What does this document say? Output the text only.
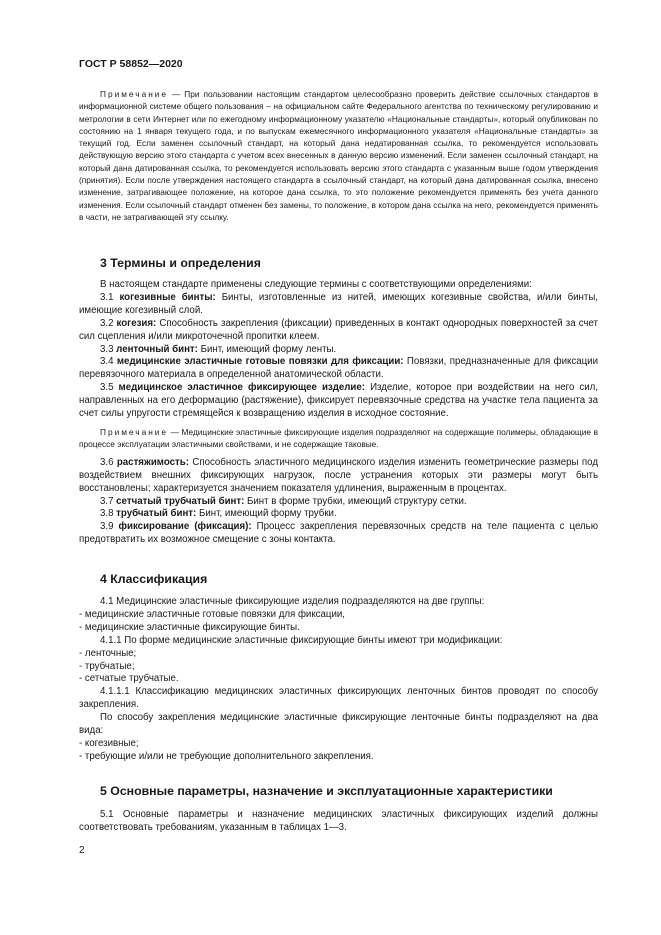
ГОСТ Р 58852—2020
Примечание — При пользовании настоящим стандартом целесообразно проверить действие ссылочных стандартов в информационной системе общего пользования – на официальном сайте Федерального агентства по техническому регулированию и метрологии в сети Интернет или по ежегодному информационному указателю «Национальные стандарты», который опубликован по состоянию на 1 января текущего года, и по выпускам ежемесячного информационного указателя «Национальные стандарты» за текущий год. Если заменен ссылочный стандарт, на который дана недатированная ссылка, то рекомендуется использовать действующую версию этого стандарта с учетом всех внесенных в данную версию изменений. Если заменен ссылочный стандарт, на который дана датированная ссылка, то рекомендуется использовать версию этого стандарта с указанным выше годом утверждения (принятия). Если после утверждения настоящего стандарта в ссылочный стандарт, на который дана датированная ссылка, внесено изменение, затрагивающее положение, на которое дана ссылка, то это положение рекомендуется применять без учета данного изменения. Если ссылочный стандарт отменен без замены, то положение, в котором дана ссылка на него, рекомендуется применять в части, не затрагивающей эту ссылку.
3 Термины и определения

В настоящем стандарте применены следующие термины с соответствующими определениями:

3.1 когезивные бинты: Бинты, изготовленные из нитей, имеющих когезивные свойства, и/или бинты, имеющие когезивный слой.

3.2 когезия: Способность закрепления (фиксации) приведенных в контакт однородных поверхностей за счет сил сцепления и/или микроточечной пропитки клеем.

3.3 ленточный бинт: Бинт, имеющий форму ленты.

3.4 медицинские эластичные готовые повязки для фиксации: Повязки, предназначенные для фиксации перевязочного материала в определенной анатомической области.

3.5 медицинское эластичное фиксирующее изделие: Изделие, которое при воздействии на него сил, направленных на его деформацию (растяжение), фиксирует перевязочные средства на участке тела пациента за счет силы упругости стремящейся к возвращению изделия в исходное состояние.

Примечание — Медицинские эластичные фиксирующие изделия подразделяют на содержащие полимеры, обладающие в процессе эксплуатации эластичными свойствами, и не содержащие таковые.

3.6 растяжимость: Способность эластичного медицинского изделия изменить геометрические размеры под воздействием внешних фиксирующих нагрузок, после устранения которых эти размеры могут быть восстановлены; характеризуется значением показателя удлинения, выраженным в процентах.

3.7 сетчатый трубчатый бинт: Бинт в форме трубки, имеющий структуру сетки.

3.8 трубчатый бинт: Бинт, имеющий форму трубки.

3.9 фиксирование (фиксация): Процесс закрепления перевязочных средств на теле пациента с целью предотвратить их возможное смещение с зоны контакта.

4 Классификация

4.1 Медицинские эластичные фиксирующие изделия подразделяются на две группы:

- медицинские эластичные готовые повязки для фиксации,

- медицинские эластичные фиксирующие бинты.

4.1.1 По форме медицинские эластичные фиксирующие бинты имеют три модификации:

- ленточные;

- трубчатые;

- сетчатые трубчатые.

4.1.1.1 Классификацию медицинских эластичных фиксирующих ленточных бинтов проводят по способу закрепления.

По способу закрепления медицинские эластичные фиксирующие ленточные бинты подразделяют на два вида:

- когезивные;

- требующие и/или не требующие дополнительного закрепления.

5 Основные параметры, назначение и эксплуатационные характеристики

5.1 Основные параметры и назначение медицинских эластичных фиксирующих изделий должны соответствовать требованиям, указанным в таблицах 1—3.

2
